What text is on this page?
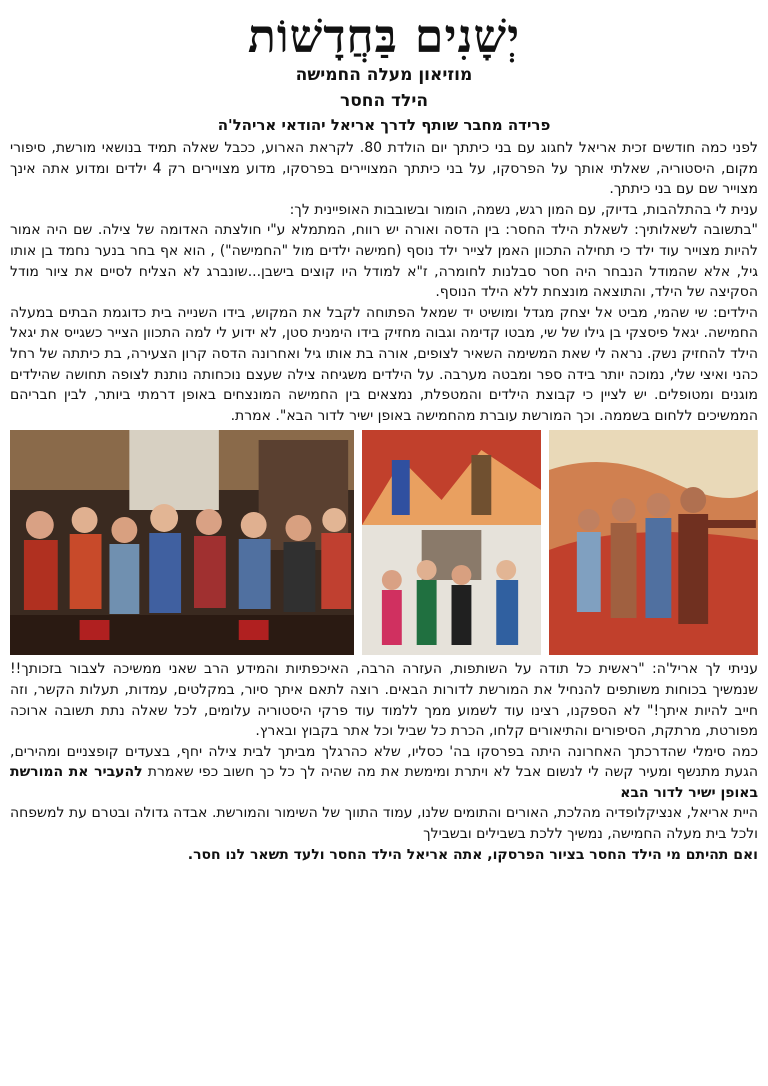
יְשָׁנִים בַּחֲדָשׁוֹת
מוזיאון מעלה החמישה
הילד החסר
פרידה מחבר שותף לדרך אריאל יהודאי אריהל'ה

לפני כמה חודשים זכית אריאל לחגוג עם בני כיתתך יום הולדת 80. לקראת הארוע, ככבל שאלה תמיד בנושאי מורשת, סיפורי מקום, היסטוריה, שאלתי אותך על הפרסקו, על בני כיתתך המצויירים בפרסקו, מדוע מצויירים רק 4 ילדים ומדוע אתה אינך מצוייר שם עם בני כיתתך.

ענית לי בהתלהבות, בדיוק, עם המון רגש, נשמה, הומור ובשובבות האופיינית לך:

"בתשובה לשאלותיך: לשאלת הילד החסר: בין הדסה ואורה יש רווח, המתמלא ע"י חולצתה האדומה של צילה. שם היה אמור להיות מצוייר עוד ילד כי תחילה התכוון האמן לצייר ילד נוסף (חמישה ילדים מול "החמישה") , הוא אף בחר בנער נחמד בן אותו גיל, אלא שהמודל הנבחר היה חסר סבלנות לחומרה, ז"א למודל היו קוצים בישבן...שונברג לא הצליח לסיים את ציור מודל הסקיצה של הילד, והתוצאה מונצחת ללא הילד הנוסף.

הילדים: שי שהמי, מביט אל יצחק מגדל ומושיט יד שמאל הפתוחה לקבל את המקוש, בידו השנייה בית כדוגמת הבתים במעלה החמישה. יגאל פיסצקי בן גילו של שי, מבטו קדימה וגבוה מחזיק בידו הימנית סטן, לא ידוע לי למה התכוון הצייר כשגייס את יגאל הילד להחזיק נשק. נראה לי שאת המשימה השאיר לצופים, אורה בת אותו גיל ואחרונה הדסה קרון הצעירה, בת כיתתה של רחל כהני ואיצי שלי, נמוכה יותר בידה ספר ומבטה מערבה. על הילדים משגיחה צילה שעצם נוכחותה נותנת לצופה תחושה שהילדים מוגנים ומטופלים. יש לציין כי קבוצת הילדים והמטפלת, נמצאים בין החמישה המונצחים באופן דרמתי ביותר, לבין חבריהם הממשיכים ללחום בשממה. וכך המורשת עוברת מהחמישה באופן ישיר לדור הבא". אמרת.

עניתי לך אריל'ה: "ראשית כל תודה על השותפות, העזרה הרבה, האיכפתיות והמידע הרב שאני ממשיכה לצבור בזכותך!! שנמשיך בכוחות משותפים להנחיל את המורשת לדורות הבאים. רוצה לתאם איתך סיור, במקלטים, עמדות, תעלות הקשר, וזה חייב להיות איתך!" לא הספקנו, רצינו עוד לשמוע ממך ללמוד עוד פרקי היסטוריה עלומים, לכל שאלה נתת תשובה ארוכה מפורטת, מרתקת, הסיפורים והתיאורים קלחו, הכרת כל שביל וכל אתר בקבוץ ובארץ.

כמה סימלי שהדרכתך האחרונה היתה בפרסקו בה' כסליו, שלא כהרגלך מביתך לבית צילה יחף, בצעדים קופצניים ומהירים, הגעת מתנשף ומעיר קשה לי לנשום אבל לא ויתרת ומימשת את מה שהיה לך כל כך חשוב כפי שאמרת להעביר את המורשת באופן ישיר לדור הבא

היית אריאל, אנציקלופדיה מהלכת, האורים והתומים שלנו, עמוד התווך של השימור והמורשת. אבדה גדולה ובטרם עת למשפחה ולכל בית מעלה החמישה, נמשיך ללכת בשבילים ובשבילך

ואם תהיתם מי הילד החסר בציור הפרסקו, אתה אריאל הילד החסר ולעד תשאר לנו חסר.
